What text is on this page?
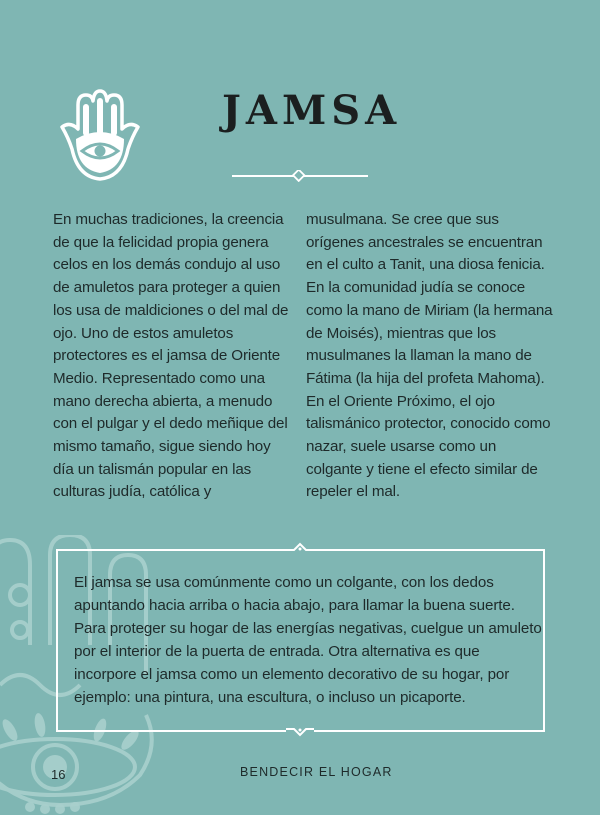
JAMSA

En muchas tradiciones, la creencia de que la felicidad propia genera celos en los demás condujo al uso de amuletos para proteger a quien los usa de maldiciones o del mal de ojo. Uno de estos amuletos protectores es el jamsa de Oriente Medio. Representado como una mano derecha abierta, a menudo con el pulgar y el dedo meñique del mismo tamaño, sigue siendo hoy día un talismán popular en las culturas judía, católica y

musulmana. Se cree que sus orígenes ancestrales se encuentran en el culto a Tanit, una diosa fenicia. En la comunidad judía se conoce como la mano de Miriam (la hermana de Moisés), mientras que los musulmanes la llaman la mano de Fátima (la hija del profeta Mahoma). En el Oriente Próximo, el ojo talismánico protector, conocido como nazar, suele usarse como un colgante y tiene el efecto similar de repeler el mal.

El jamsa se usa comúnmente como un colgante, con los dedos apuntando hacia arriba o hacia abajo, para llamar la buena suerte. Para proteger su hogar de las energías negativas, cuelgue un amuleto por el interior de la puerta de entrada. Otra alternativa es que incorpore el jamsa como un elemento decorativo de su hogar, por ejemplo: una pintura, una escultura, o incluso un picaporte.

16	BENDECIR EL HOGAR
